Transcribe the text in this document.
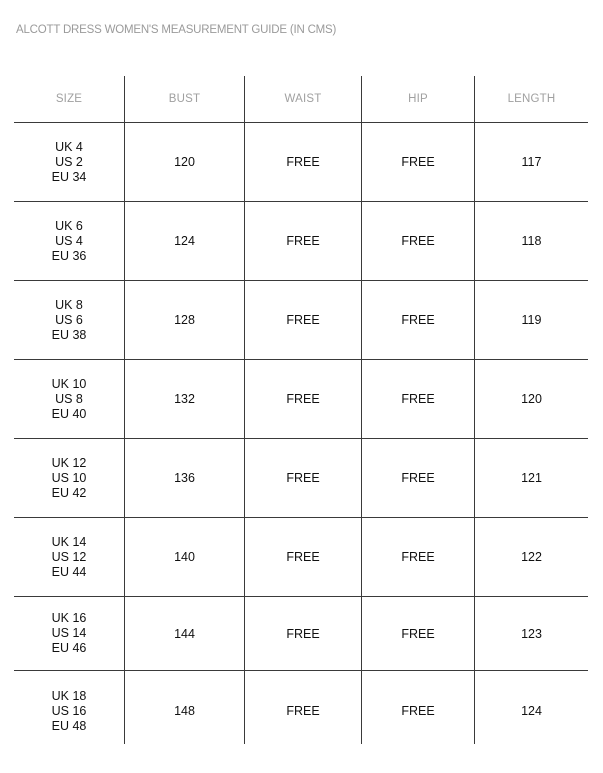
ALCOTT DRESS WOMEN'S MEASUREMENT GUIDE (IN CMS)
SIZE	BUST	WAIST	HIP	LENGTH
UK 4
US 2
EU 34
120	FREE	FREE	117
UK 6
US 4
EU 36
124	FREE	FREE	118
UK 8
US 6
EU 38
128	FREE	FREE	119
UK 10
US 8
EU 40
132	FREE	FREE	120
UK 12
US 10
EU 42
136	FREE	FREE	121
UK 14
US 12
EU 44
140	FREE	FREE	122
UK 16
US 14
EU 46
144	FREE	FREE	123
UK 18
US 16
EU 48
148	FREE	FREE	124
